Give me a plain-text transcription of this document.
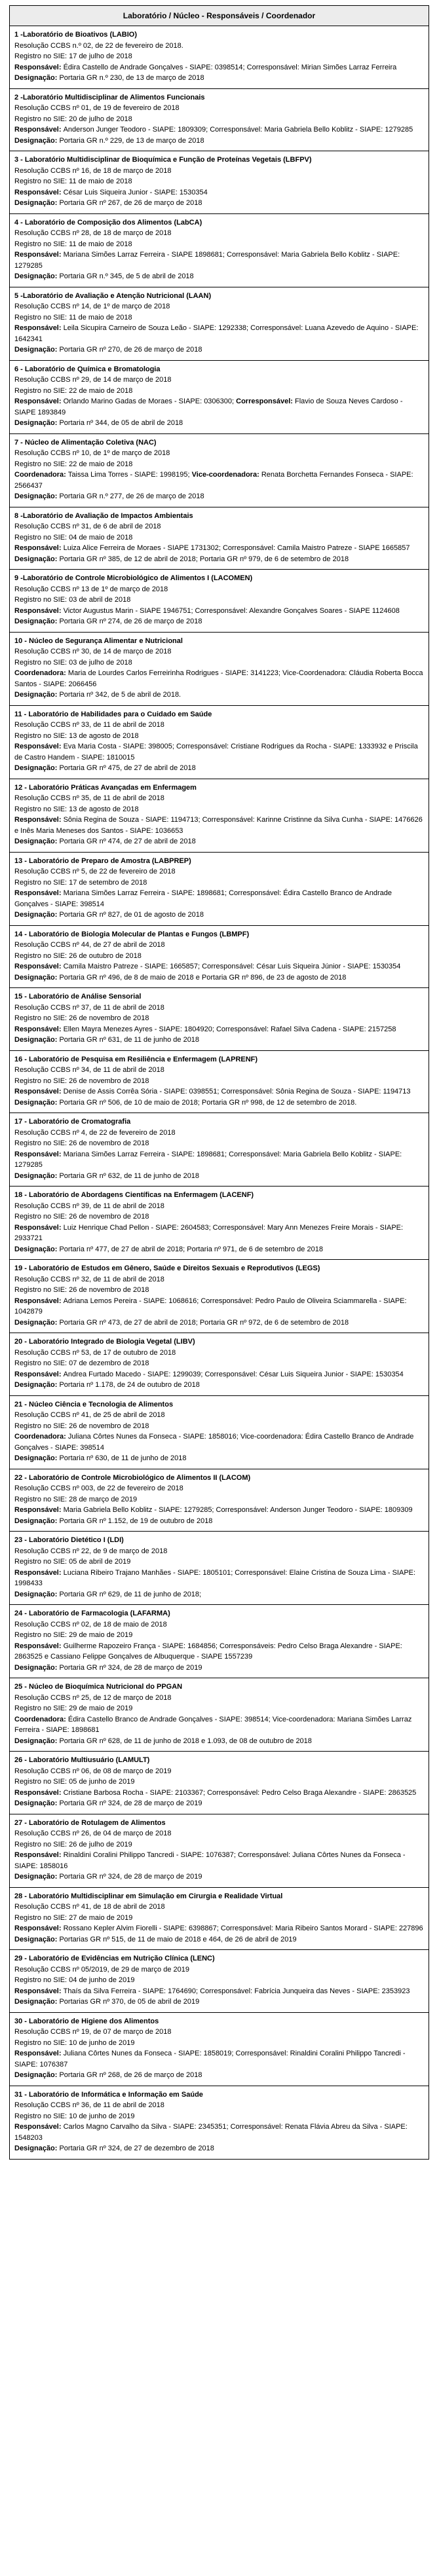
Laboratório / Núcleo - Responsáveis / Coordenador

1 -Laboratório de Bioativos (LABIO)
Resolução CCBS n.º 02, de 22 de fevereiro de 2018.
Registro no SIE: 17 de julho de 2018
Responsável: Édira Castello de Andrade Gonçalves - SIAPE: 0398514; Corresponsável: Mirian Simões Larraz Ferreira
Designação: Portaria GR n.º 230, de 13 de março de 2018

2 -Laboratório Multidisciplinar de Alimentos Funcionais
Resolução CCBS nº 01, de 19 de fevereiro de 2018
Registro no SIE: 20 de julho de 2018
Responsável: Anderson Junger Teodoro - SIAPE: 1809309; Corresponsável: Maria Gabriela Bello Koblitz - SIAPE: 1279285
Designação: Portaria GR n.º 229, de 13 de março de 2018

3 - Laboratório Multidisciplinar de Bioquímica e Função de Proteínas Vegetais (LBFPV)
Resolução CCBS nº 16, de 18 de março de 2018
Registro no SIE: 11 de maio de 2018
Responsável: César Luis Siqueira Junior - SIAPE: 1530354
Designação: Portaria GR nº 267, de 26 de março de 2018

4 - Laboratório de Composição dos Alimentos (LabCA)
Resolução CCBS nº 28, de 18 de março de 2018
Registro no SIE: 11 de maio de 2018
Responsável: Mariana Simões Larraz Ferreira - SIAPE 1898681; Corresponsável: Maria Gabriela Bello Koblitz - SIAPE: 1279285
Designação: Portaria GR n.º 345, de 5 de abril de 2018

5 -Laboratório de Avaliação e Atenção Nutricional (LAAN)
Resolução CCBS nº 14, de 1º de março de 2018
Registro no SIE: 11 de maio de 2018
Responsável: Leila Sicupira Carneiro de Souza Leão - SIAPE: 1292338; Corresponsável: Luana Azevedo de Aquino - SIAPE: 1642341
Designação: Portaria GR nº 270, de 26 de março de 2018

6 - Laboratório de Química e Bromatologia
Resolução CCBS nº 29, de 14 de março de 2018
Registro no SIE: 22 de maio de 2018
Responsável: Orlando Marino Gadas de Moraes - SIAPE: 0306300; Corresponsável: Flavio de Souza Neves Cardoso - SIAPE 1893849
Designação: Portaria nº 344, de 05 de abril de 2018

7 - Núcleo de Alimentação Coletiva (NAC)
Resolução CCBS nº 10, de 1º de março de 2018
Registro no SIE: 22 de maio de 2018
Coordenadora: Taissa Lima Torres - SIAPE: 1998195; Vice-coordenadora: Renata Borchetta Fernandes Fonseca - SIAPE: 2566437
Designação: Portaria GR n.º 277, de 26 de março de 2018

8 -Laboratório de Avaliação de Impactos Ambientais
Resolução CCBS nº 31, de 6 de abril de 2018
Registro no SIE: 04 de maio de 2018
Responsável: Luiza Alice Ferreira de Moraes - SIAPE 1731302; Corresponsável: Camila Maistro Patreze - SIAPE 1665857
Designação: Portaria GR nº 385, de 12 de abril de 2018; Portaria GR nº 979, de 6 de setembro de 2018

9 -Laboratório de Controle Microbiológico de Alimentos I (LACOMEN)
Resolução CCBS nº 13 de 1º de março de 2018
Registro no SIE: 03 de abril de 2018
Responsável: Victor Augustus Marin - SIAPE 1946751; Corresponsável: Alexandre Gonçalves Soares - SIAPE 1124608
Designação: Portaria GR nº 274, de 26 de março de 2018

10 - Núcleo de Segurança Alimentar e Nutricional
Resolução CCBS nº 30, de 14 de março de 2018
Registro no SIE: 03 de julho de 2018
Coordenadora: Maria de Lourdes Carlos Ferreirinha Rodrigues - SIAPE: 3141223; Vice-Coordenadora: Cláudia Roberta Bocca Santos - SIAPE: 2066456
Designação: Portaria nº 342, de 5 de abril de 2018.

11 - Laboratório de Habilidades para o Cuidado em Saúde
Resolução CCBS nº 33, de 11 de abril de 2018
Registro no SIE: 13 de agosto de 2018
Responsável: Eva Maria Costa - SIAPE: 398005; Corresponsável: Cristiane Rodrigues da Rocha - SIAPE: 1333932 e Priscila de Castro Handem - SIAPE: 1810015
Designação: Portaria GR nº 475, de 27 de abril de 2018

12 - Laboratório Práticas Avançadas em Enfermagem
Resolução CCBS nº 35, de 11 de abril de 2018
Registro no SIE: 13 de agosto de 2018
Responsável: Sônia Regina de Souza - SIAPE: 1194713; Corresponsável: Karinne Cristinne da Silva Cunha - SIAPE: 1476626 e Inês Maria Meneses dos Santos - SIAPE: 1036653
Designação: Portaria GR nº 474, de 27 de abril de 2018

13 - Laboratório de Preparo de Amostra (LABPREP)
Resolução CCBS nº 5, de 22 de fevereiro de 2018
Registro no SIE: 17 de setembro de 2018
Responsável: Mariana Simões Larraz Ferreira - SIAPE: 1898681; Corresponsável: Édira Castello Branco de Andrade Gonçalves - SIAPE: 398514
Designação: Portaria GR nº 827, de 01 de agosto de 2018

14 - Laboratório de Biologia Molecular de Plantas e Fungos (LBMPF)
Resolução CCBS nº 44, de 27 de abril de 2018
Registro no SIE: 26 de outubro de 2018
Responsável: Camila Maistro Patreze - SIAPE: 1665857; Corresponsável: César Luis Siqueira Júnior - SIAPE: 1530354
Designação: Portaria GR nº 496, de 8 de maio de 2018 e Portaria GR nº 896, de 23 de agosto de 2018

15 - Laboratório de Análise Sensorial
Resolução CCBS nº 37, de 11 de abril de 2018
Registro no SIE: 26 de novembro de 2018
Responsável: Ellen Mayra Menezes Ayres - SIAPE: 1804920; Corresponsável: Rafael Silva Cadena - SIAPE: 2157258
Designação: Portaria GR nº 631, de 11 de junho de 2018

16 - Laboratório de Pesquisa em Resiliência e Enfermagem (LAPRENF)
Resolução CCBS nº 34, de 11 de abril de 2018
Registro no SIE: 26 de novembro de 2018
Responsável: Denise de Assis Corrêa Sória - SIAPE: 0398551; Corresponsável: Sônia Regina de Souza - SIAPE: 1194713
Designação: Portaria GR nº 506, de 10 de maio de 2018; Portaria GR nº 998, de 12 de setembro de 2018.

17 - Laboratório de Cromatografia
Resolução CCBS nº 4, de 22 de fevereiro de 2018
Registro no SIE: 26 de novembro de 2018
Responsável: Mariana Simões Larraz Ferreira - SIAPE: 1898681; Corresponsável: Maria Gabriela Bello Koblitz - SIAPE: 1279285
Designação: Portaria GR nº 632, de 11 de junho de 2018

18 - Laboratório de Abordagens Científicas na Enfermagem (LACENF)
Resolução CCBS nº 39, de 11 de abril de 2018
Registro no SIE: 26 de novembro de 2018
Responsável: Luiz Henrique Chad Pellon - SIAPE: 2604583; Corresponsável: Mary Ann Menezes Freire Morais - SIAPE: 2933721
Designação: Portaria nº 477, de 27 de abril de 2018; Portaria nº 971, de 6 de setembro de 2018

19 - Laboratório de Estudos em Gênero, Saúde e Direitos Sexuais e Reprodutivos (LEGS)
Resolução CCBS nº 32, de 11 de abril de 2018
Registro no SIE: 26 de novembro de 2018
Responsável: Adriana Lemos Pereira - SIAPE: 1068616; Corresponsável: Pedro Paulo de Oliveira Sciammarella - SIAPE: 1042879
Designação: Portaria GR nº 473, de 27 de abril de 2018; Portaria GR nº 972, de 6 de setembro de 2018

20 - Laboratório Integrado de Biologia Vegetal (LIBV)
Resolução CCBS nº 53, de 17 de outubro de 2018
Registro no SIE: 07 de dezembro de 2018
Responsável: Andrea Furtado Macedo - SIAPE: 1299039; Corresponsável: César Luis Siqueira Junior - SIAPE: 1530354
Designação: Portaria nº 1.178, de 24 de outubro de 2018

21 - Núcleo Ciência e Tecnologia de Alimentos
Resolução CCBS nº 41, de 25 de abril de 2018
Registro no SIE: 26 de novembro de 2018
Coordenadora: Juliana Côrtes Nunes da Fonseca - SIAPE: 1858016; Vice-coordenadora: Édira Castello Branco de Andrade Gonçalves - SIAPE: 398514
Designação: Portaria nº 630, de 11 de junho de 2018

22 - Laboratório de Controle Microbiológico de Alimentos II (LACOM)
Resolução CCBS nº 003, de 22 de fevereiro de 2018
Registro no SIE: 28 de março de 2019
Responsável: Maria Gabriela Bello Koblitz - SIAPE: 1279285; Corresponsável: Anderson Junger Teodoro - SIAPE: 1809309
Designação: Portaria GR nº 1.152, de 19 de outubro de 2018

23 - Laboratório Dietético I (LDI)
Resolução CCBS nº 22, de 9 de março de 2018
Registro no SIE: 05 de abril de 2019
Responsável: Luciana Ribeiro Trajano Manhães - SIAPE: 1805101; Corresponsável: Elaine Cristina de Souza Lima - SIAPE: 1998433
Designação: Portaria GR nº 629, de 11 de junho de 2018;

24 - Laboratório de Farmacologia (LAFARMA)
Resolução CCBS nº 02, de 18 de maio de 2018
Registro no SIE: 29 de maio de 2019
Responsável: Guilherme Rapozeiro França - SIAPE: 1684856; Corresponsáveis: Pedro Celso Braga Alexandre - SIAPE: 2863525 e Cassiano Felippe Gonçalves de Albuquerque - SIAPE 1557239
Designação: Portaria GR nº 324, de 28 de março de 2019

25 - Núcleo de Bioquímica Nutricional do PPGAN
Resolução CCBS nº 25, de 12 de março de 2018
Registro no SIE: 29 de maio de 2019
Coordenadora: Édira Castello Branco de Andrade Gonçalves - SIAPE: 398514; Vice-coordenadora: Mariana Simões Larraz Ferreira - SIAPE: 1898681
Designação: Portaria GR nº 628, de 11 de junho de 2018 e 1.093, de 08 de outubro de 2018

26 - Laboratório Multiusuário (LAMULT)
Resolução CCBS nº 06, de 08 de março de 2019
Registro no SIE: 05 de junho de 2019
Responsável: Cristiane Barbosa Rocha - SIAPE: 2103367; Corresponsável: Pedro Celso Braga Alexandre - SIAPE: 2863525
Designação: Portaria GR nº 324, de 28 de março de 2019

27 - Laboratório de Rotulagem de Alimentos
Resolução CCBS nº 26, de 04 de março de 2018
Registro no SIE: 26 de julho de 2019
Responsável: Rinaldini Coralini Philippo Tancredi - SIAPE: 1076387; Corresponsável: Juliana Côrtes Nunes da Fonseca - SIAPE: 1858016
Designação: Portaria GR nº 324, de 28 de março de 2019

28 - Laboratório Multidisciplinar em Simulação em Cirurgia e Realidade Virtual
Resolução CCBS nº 41, de 18 de abril de 2018
Registro no SIE: 27 de maio de 2019
Responsável: Rossano Kepler Alvim Fiorelli - SIAPE: 6398867; Corresponsável: Maria Ribeiro Santos Morard - SIAPE: 227896
Designação: Portarias GR nº 515, de 11 de maio de 2018 e 464, de 26 de abril de 2019

29 - Laboratório de Evidências em Nutrição Clínica (LENC)
Resolução CCBS nº 05/2019, de 29 de março de 2019
Registro no SIE: 04 de junho de 2019
Responsável: Thaís da Silva Ferreira - SIAPE: 1764690; Corresponsável: Fabrícia Junqueira das Neves - SIAPE: 2353923
Designação: Portarias GR nº 370, de 05 de abril de 2019

30 - Laboratório de Higiene dos Alimentos
Resolução CCBS nº 19, de 07 de março de 2018
Registro no SIE: 10 de junho de 2019
Responsável: Juliana Côrtes Nunes da Fonseca - SIAPE: 1858019; Corresponsável: Rinaldini Coralini Philippo Tancredi - SIAPE: 1076387
Designação: Portaria GR nº 268, de 26 de março de 2018

31 - Laboratório de Informática e Informação em Saúde
Resolução CCBS nº 36, de 11 de abril de 2018
Registro no SIE: 10 de junho de 2019
Responsável: Carlos Magno Carvalho da Silva - SIAPE: 2345351; Corresponsável: Renata Flávia Abreu da Silva - SIAPE: 1548203
Designação: Portaria GR nº 324, de 27 de dezembro de 2018
